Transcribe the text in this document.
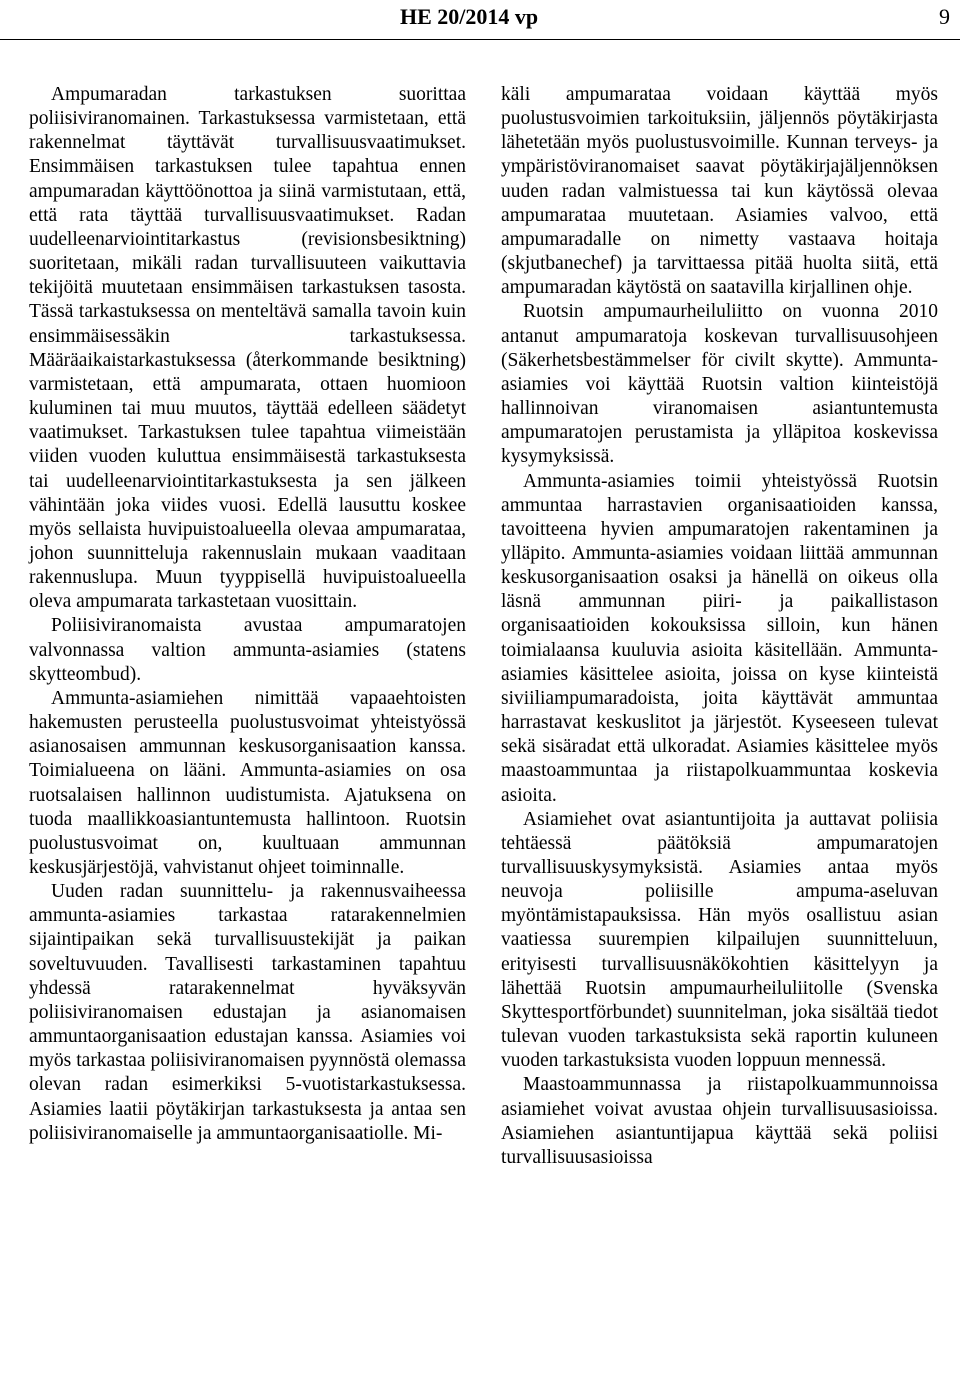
HE 20/2014 vp	9

Ampumaradan tarkastuksen suorittaa poliisiviranomainen. Tarkastuksessa varmistetaan, että rakennelmat täyttävät turvallisuusvaatimukset. Ensimmäisen tarkastuksen tulee tapahtua ennen ampumaradan käyttöönottoa ja siinä varmistutaan, että, että rata täyttää turvallisuusvaatimukset. Radan uudelleenarviointitarkastus (revisionsbesiktning) suoritetaan, mikäli radan turvallisuuteen vaikuttavia tekijöitä muutetaan ensimmäisen tarkastuksen tasosta. Tässä tarkastuksessa on menteltävä samalla tavoin kuin ensimmäisessäkin tarkastuksessa. Määräaikaistarkastuksessa (återkommande besiktning) varmistetaan, että ampumarata, ottaen huomioon kuluminen tai muu muutos, täyttää edelleen säädetyt vaatimukset. Tarkastuksen tulee tapahtua viimeistään viiden vuoden kuluttua ensimmäisestä tarkastuksesta tai uudelleenarviointitarkastuksesta ja sen jälkeen vähintään joka viides vuosi. Edellä lausuttu koskee myös sellaista huvipuistoalueella olevaa ampumarataa, johon suunnitteluja rakennuslain mukaan vaaditaan rakennuslupa. Muun tyyppisellä huvipuistoalueella oleva ampumarata tarkastetaan vuosittain.

Poliisiviranomaista avustaa ampumaratojen valvonnassa valtion ammunta-asiamies (statens skytteombud).

Ammunta-asiamiehen nimittää vapaaehtoisten hakemusten perusteella puolustusvoimat yhteistyössä asianosaisen ammunnan keskusorganisaation kanssa. Toimialueena on lääni. Ammunta-asiamies on osa ruotsalaisen hallinnon uudistumista. Ajatuksena on tuoda maallikkoasiantuntemusta hallintoon. Ruotsin puolustusvoimat on, kuultuaan ammunnan keskusjärjestöjä, vahvistanut ohjeet toiminnalle.

Uuden radan suunnittelu- ja rakennusvaiheessa ammunta-asiamies tarkastaa ratarakennelmien sijaintipaikan sekä turvallisuustekijät ja paikan soveltuvuuden. Tavallisesti tarkastaminen tapahtuu yhdessä ratarakennelmat hyväksyvän poliisiviranomaisen edustajan ja asianomaisen ammuntaorganisaation edustajan kanssa. Asiamies voi myös tarkastaa poliisiviranomaisen pyynnöstä olemassa olevan radan esimerkiksi 5-vuotistarkastuksessa. Asiamies laatii pöytäkirjan tarkastuksesta ja antaa sen poliisiviranomaiselle ja ammuntaorganisaatiolle. Mi-

käli ampumarataa voidaan käyttää myös puolustusvoimien tarkoituksiin, jäljennös pöytäkirjasta lähetetään myös puolustusvoimille. Kunnan terveys- ja ympäristöviranomaiset saavat pöytäkirjajäljennöksen uuden radan valmistuessa tai kun käytössä olevaa ampumarataa muutetaan. Asiamies valvoo, että ampumaradalle on nimetty vastaava hoitaja (skjutbanechef) ja tarvittaessa pitää huolta siitä, että ampumaradan käytöstä on saatavilla kirjallinen ohje.

Ruotsin ampumaurheiluliitto on vuonna 2010 antanut ampumaratoja koskevan turvallisuusohjeen (Säkerhetsbestämmelser för civilt skytte). Ammunta-asiamies voi käyttää Ruotsin valtion kiinteistöjä hallinnoivan viranomaisen asiantuntemusta ampumaratojen perustamista ja ylläpitoa koskevissa kysymyksissä.

Ammunta-asiamies toimii yhteistyössä Ruotsin ammuntaa harrastavien organisaatioiden kanssa, tavoitteena hyvien ampumaratojen rakentaminen ja ylläpito. Ammunta-asiamies voidaan liittää ammunnan keskusorganisaation osaksi ja hänellä on oikeus olla läsnä ammunnan piiri- ja paikallistason organisaatioiden kokouksissa silloin, kun hänen toimialaansa kuuluvia asioita käsitellään. Ammunta-asiamies käsittelee asioita, joissa on kyse kiinteistä siviiliampumaradoista, joita käyttävät ammuntaa harrastavat keskuslitot ja järjestöt. Kyseeseen tulevat sekä sisäradat että ulkoradat. Asiamies käsittelee myös maastoammuntaa ja riistapolkuammuntaa koskevia asioita.

Asiamiehet ovat asiantuntijoita ja auttavat poliisia tehtäessä päätöksiä ampumaratojen turvallisuuskysymyksistä. Asiamies antaa myös neuvoja poliisille ampuma-aseluvan myöntämistapauksissa. Hän myös osallistuu asian vaatiessa suurempien kilpailujen suunnitteluun, erityisesti turvallisuusnäkökohtien käsittelyyn ja lähettää Ruotsin ampumaurheiluliitolle (Svenska Skyttesportförbundet) suunnitelman, joka sisältää tiedot tulevan vuoden tarkastuksista sekä raportin kuluneen vuoden tarkastuksista vuoden loppuun mennessä.

Maastoammunnassa ja riistapolkuammunnoissa asiamiehet voivat avustaa ohjein turvallisuusasioissa. Asiamiehen asiantuntijapua käyttää sekä poliisi turvallisuusasioissa
